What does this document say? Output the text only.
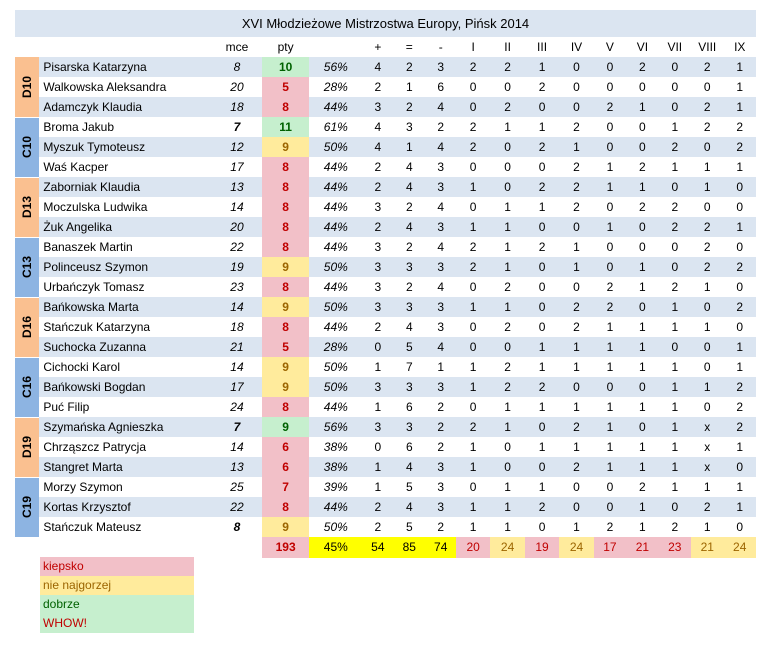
XVI Młodzieżowe Mistrzostwa Europy, Pińsk 2014
		mce	pty		+	=	-	I	II	III	IV	V	VI	VII	VIII	IX

D10	Pisarska Katarzyna	8	10	56%	4	2	3	2	2	1	0	0	2	0	2	1
	Walkowska Aleksandra	20	5	28%	2	1	6	0	0	2	0	0	0	0	0	1
	Adamczyk Klaudia	18	8	44%	3	2	4	0	2	0	0	2	1	0	2	1

C10	Broma Jakub	7	11	61%	4	3	2	2	1	1	2	0	0	1	2	2
	Myszuk Tymoteusz	12	9	50%	4	1	4	2	0	2	1	0	0	2	0	2
	Waś Kacper	17	8	44%	2	4	3	0	0	0	2	1	2	1	1	1

D13	Zaborniak Klaudia	13	8	44%	2	4	3	1	0	2	2	1	1	0	1	0
	Moczulska Ludwika	14	8	44%	3	2	4	0	1	1	2	0	2	2	0	0
	Żuk Angelika	20	8	44%	2	4	3	1	1	0	0	1	0	2	2	1

C13	Banaszek Martin	22	8	44%	3	2	4	2	1	2	1	0	0	0	2	0
	Polinceusz Szymon	19	9	50%	3	3	3	2	1	0	1	0	1	0	2	2
	Urbańczyk Tomasz	23	8	44%	3	2	4	0	2	0	0	2	1	2	1	0

D16	Bańkowska Marta	14	9	50%	3	3	3	1	1	0	2	2	0	1	0	2
	Stańczuk Katarzyna	18	8	44%	2	4	3	0	2	0	2	1	1	1	1	0
	Suchocka Zuzanna	21	5	28%	0	5	4	0	0	1	1	1	1	0	0	1

C16	Cichocki Karol	14	9	50%	1	7	1	1	2	1	1	1	1	1	0	1
	Bańkowski Bogdan	17	9	50%	3	3	3	1	2	2	0	0	0	1	1	2
	Puć Filip	24	8	44%	1	6	2	0	1	1	1	1	1	1	0	2

D19	Szymańska Agnieszka	7	9	56%	3	3	2	2	1	0	2	1	0	1	x	2
	Chrząszcz Patrycja	14	6	38%	0	6	2	1	0	1	1	1	1	1	x	1
	Stangret Marta	13	6	38%	1	4	3	1	0	0	2	1	1	1	x	0

C19	Morzy Szymon	25	7	39%	1	5	3	0	1	1	0	0	2	1	1	1
	Kortas Krzysztof	22	8	44%	2	4	3	1	1	2	0	0	1	0	2	1
	Stańczuk Mateusz	8	9	50%	2	5	2	1	1	0	1	2	1	2	1	0
			193	45%	54	85	74	20	24	19	24	17	21	23	21	24
kiepsko
nie najgorzej
dobrze
WHOW!
